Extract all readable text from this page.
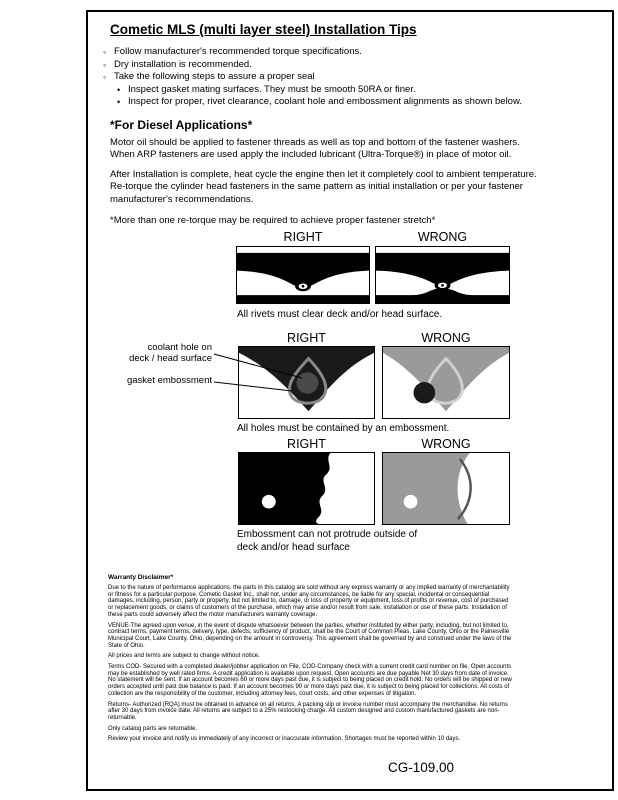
Cometic MLS (multi layer steel) Installation Tips
◦ Follow manufacturer's recommended torque specifications.
◦ Dry installation is recommended.
◦ Take the following steps to assure a proper seal
• Inspect gasket mating surfaces. They must be smooth 50RA or finer.
• Inspect for proper, rivet clearance, coolant hole and embossment alignments as shown below.
*For Diesel Applications*

Motor oil should be applied to fastener threads as well as top and bottom of the fastener washers. When ARP fasteners are used apply the included lubricant (Ultra-Torque®) in place of motor oil.

After Installation is complete, heat cycle the engine then let it completely cool to ambient temperature. Re-torque the cylinder head fasteners in the same pattern as initial installation or per your fastener manufacturer's recommendations.

*More than one re-torque may be required to achieve proper fastener stretch*
RIGHT	WRONG
All rivets must clear deck and/or head surface.
RIGHT	WRONG
coolant hole on deck / head surface
gasket embossment
All holes must be contained by an embossment.
RIGHT	WRONG
Embossment can not protrude outside of deck and/or head surface
Warranty Disclaimer*

Due to the nature of performance applications, the parts in this catalog are sold without any express warranty or any implied warranty of merchantability or fitness for a particular purpose. Cometic Gasket Inc., shall not, under any circumstances, be liable for any special, incidental or consequential damages, including, person, party or property, but not limited to, damage, or loss of property or equipment, loss of profits or revenue, cost of purchased or replacement goods, or claims of customers of the purchase, which may arise and/or result from sale, installation or use of these parts. Installation of these parts could adversely affect the motor manufacturers warranty coverage.

VENUE-The agreed upon venue, in the event of dispute whatsoever between the parties, whether instituted by either party, including, but not limited to, contract terms, payment terms, delivery, type, defects, sufficiency of product, shall be the Court of Common Pleas, Lake County, Ohio or the Painesville Municipal Court, Lake County, Ohio, depending on the amount in controversy. This agreement shall be governed by and construed under the laws of the State of Ohio.

All prices and terms are subject to change without notice.

Terms COD- Secured with a completed dealer/jobber application on File, COD-Company check with a current credit card number on file. Open accounts may be established by well rated firms. A credit application is available upon request. Open accounts are due payable Net 30 days from date of invoice. No statement will be sent. If an account becomes 60 or more days past due, it is subject to being placed on credit hold. No orders will be shipped or new orders accepted until past due balance is paid. If an account becomes 90 or more days past due, it is subject to being placed for collections. All costs of collection are the responsibility of the customer, including attorney fees, court costs, and other expenses of litigation.

Returns- Authorized (RQA) must be obtained in advance on all returns. A packing slip or invoice number must accompany the merchandise. No returns after 30 days from invoice date. All returns are subject to a 25% restocking charge. All custom designed and custom manufactured gaskets are non-returnable.

Only catalog parts are returnable.

Review your invoice and notify us immediately of any incorrect or inaccurate information. Shortages must be reported within 10 days.

CG-109.00
